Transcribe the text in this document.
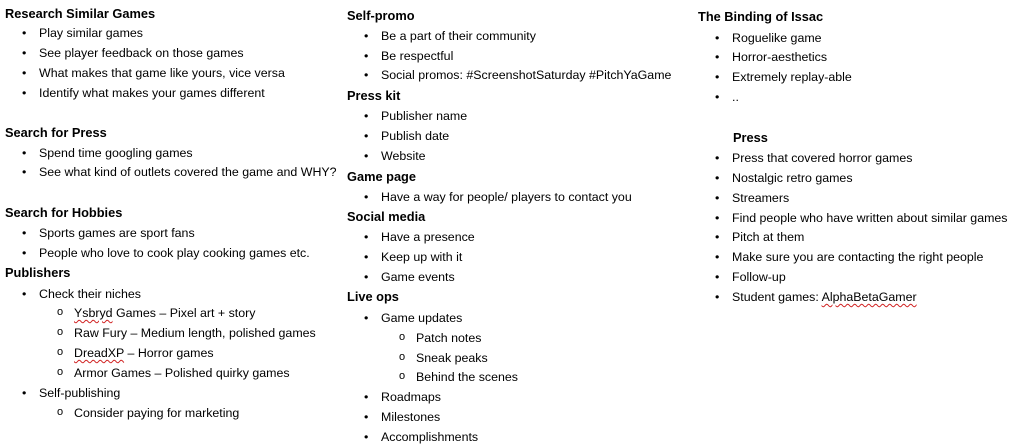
Research Similar Games
• Play similar games
• See player feedback on those games
• What makes that game like yours, vice versa
• Identify what makes your games different
Search for Press
• Spend time googling games
• See what kind of outlets covered the game and WHY?
Search for Hobbies
• Sports games are sport fans
• People who love to cook play cooking games etc.
Publishers
• Check their niches
o Ysbryd Games – Pixel art + story
o Raw Fury – Medium length, polished games
o DreadXP – Horror games
o Armor Games – Polished quirky games
• Self-publishing
o Consider paying for marketing
Self-promo
• Be a part of their community
• Be respectful
• Social promos: #ScreenshotSaturday #PitchYaGame
Press kit
• Publisher name
• Publish date
• Website
Game page
• Have a way for people/ players to contact you
Social media
• Have a presence
• Keep up with it
• Game events
Live ops
• Game updates
o Patch notes
o Sneak peaks
o Behind the scenes
• Roadmaps
• Milestones
• Accomplishments
The Binding of Issac
• Roguelike game
• Horror-aesthetics
• Extremely replay-able
• ..
Press
• Press that covered horror games
• Nostalgic retro games
• Streamers
• Find people who have written about similar games
• Pitch at them
• Make sure you are contacting the right people
• Follow-up
• Student games: AlphaBetaGamer
